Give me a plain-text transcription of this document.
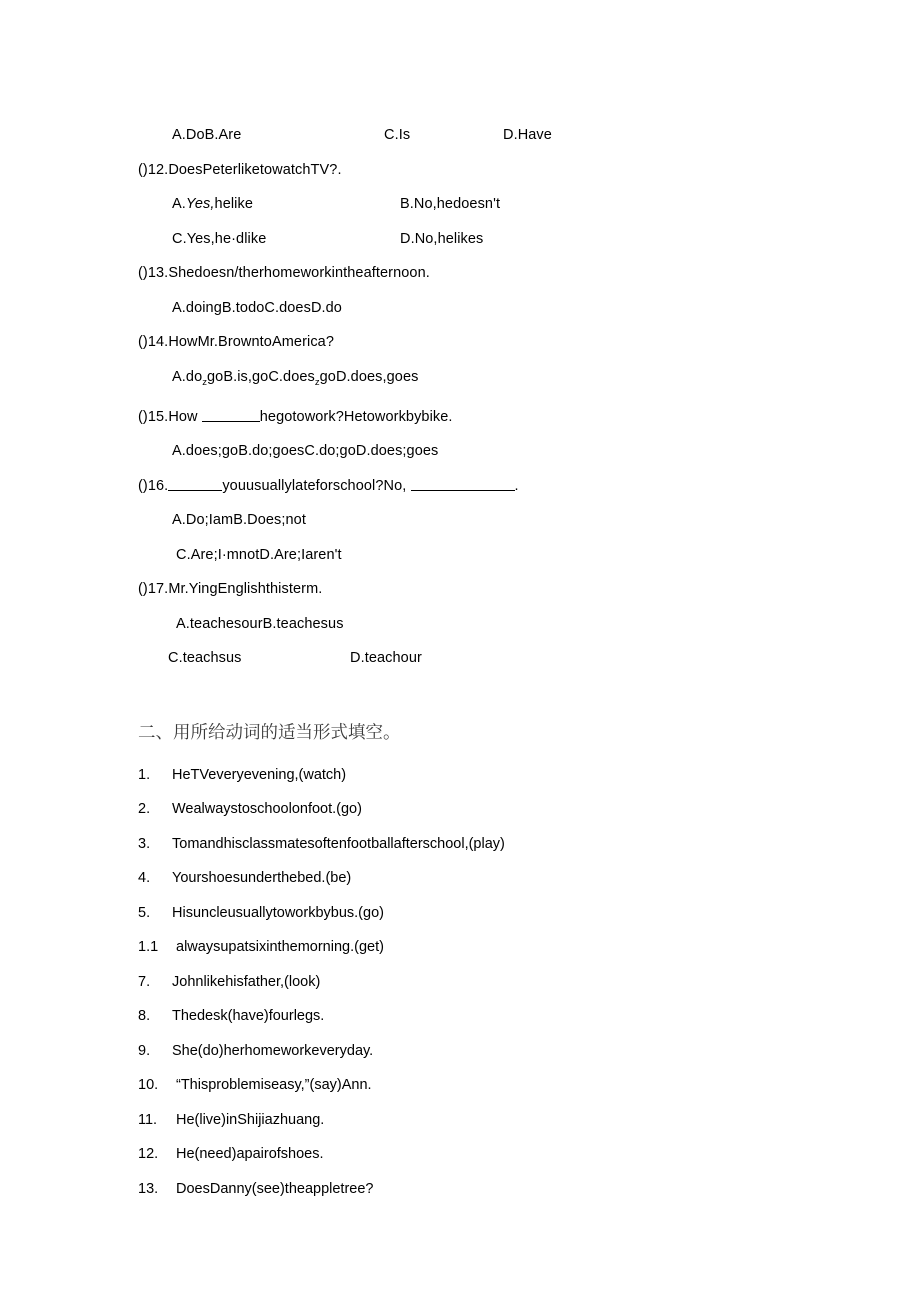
A.DoB.Are	C.Is	D.Have
()12.DoesPeterliketowatchTV?.
A.Yes,helike	B.No,hedoesn't
C.Yes,he·dlike	D.No,helikes
()13.Shedoesn/therhomeworkintheafternoon.
A.doingB.todoC.doesD.do
()14.HowMr.BrowntoAmerica?
$A.do_zgoB.is,goC.does_zgoD.does,goes$
()15.How	hegotowork?Hetoworkbybike.
A.does;goB.do;goesC.do;goD.does;goes
()16.	youusuallylateforschool?No,	.
A.Do;IamB.Does;not
C.Are;I·mnotD.Are;Iaren't
()17.Mr.YingEnglishthisterm.
A.teachesourB.teachesus
C.teachsus	D.teachour
二、用所给动词的适当形式填空。
1. HeTVeveryevening,(watch)
2. Wealwaystoschoolonfoot.(go)
3. Tomandhisclassmatesoftenfootballafterschool,(play)
4. Yourshoesunderthebed.(be)
5. Hisuncleusuallytoworkbybus.(go)
1.1 alwaysupatsixinthemorning.(get)
7. Johnlikehisfather,(look)
8. Thedesk(have)fourlegs.
9. She(do)herhomeworkeveryday.
10. “Thisproblemiseasy,”(say)Ann.
11. He(live)inShijiazhuang.
12. He(need)apairofshoes.
13. DoesDanny(see)theappletree?
